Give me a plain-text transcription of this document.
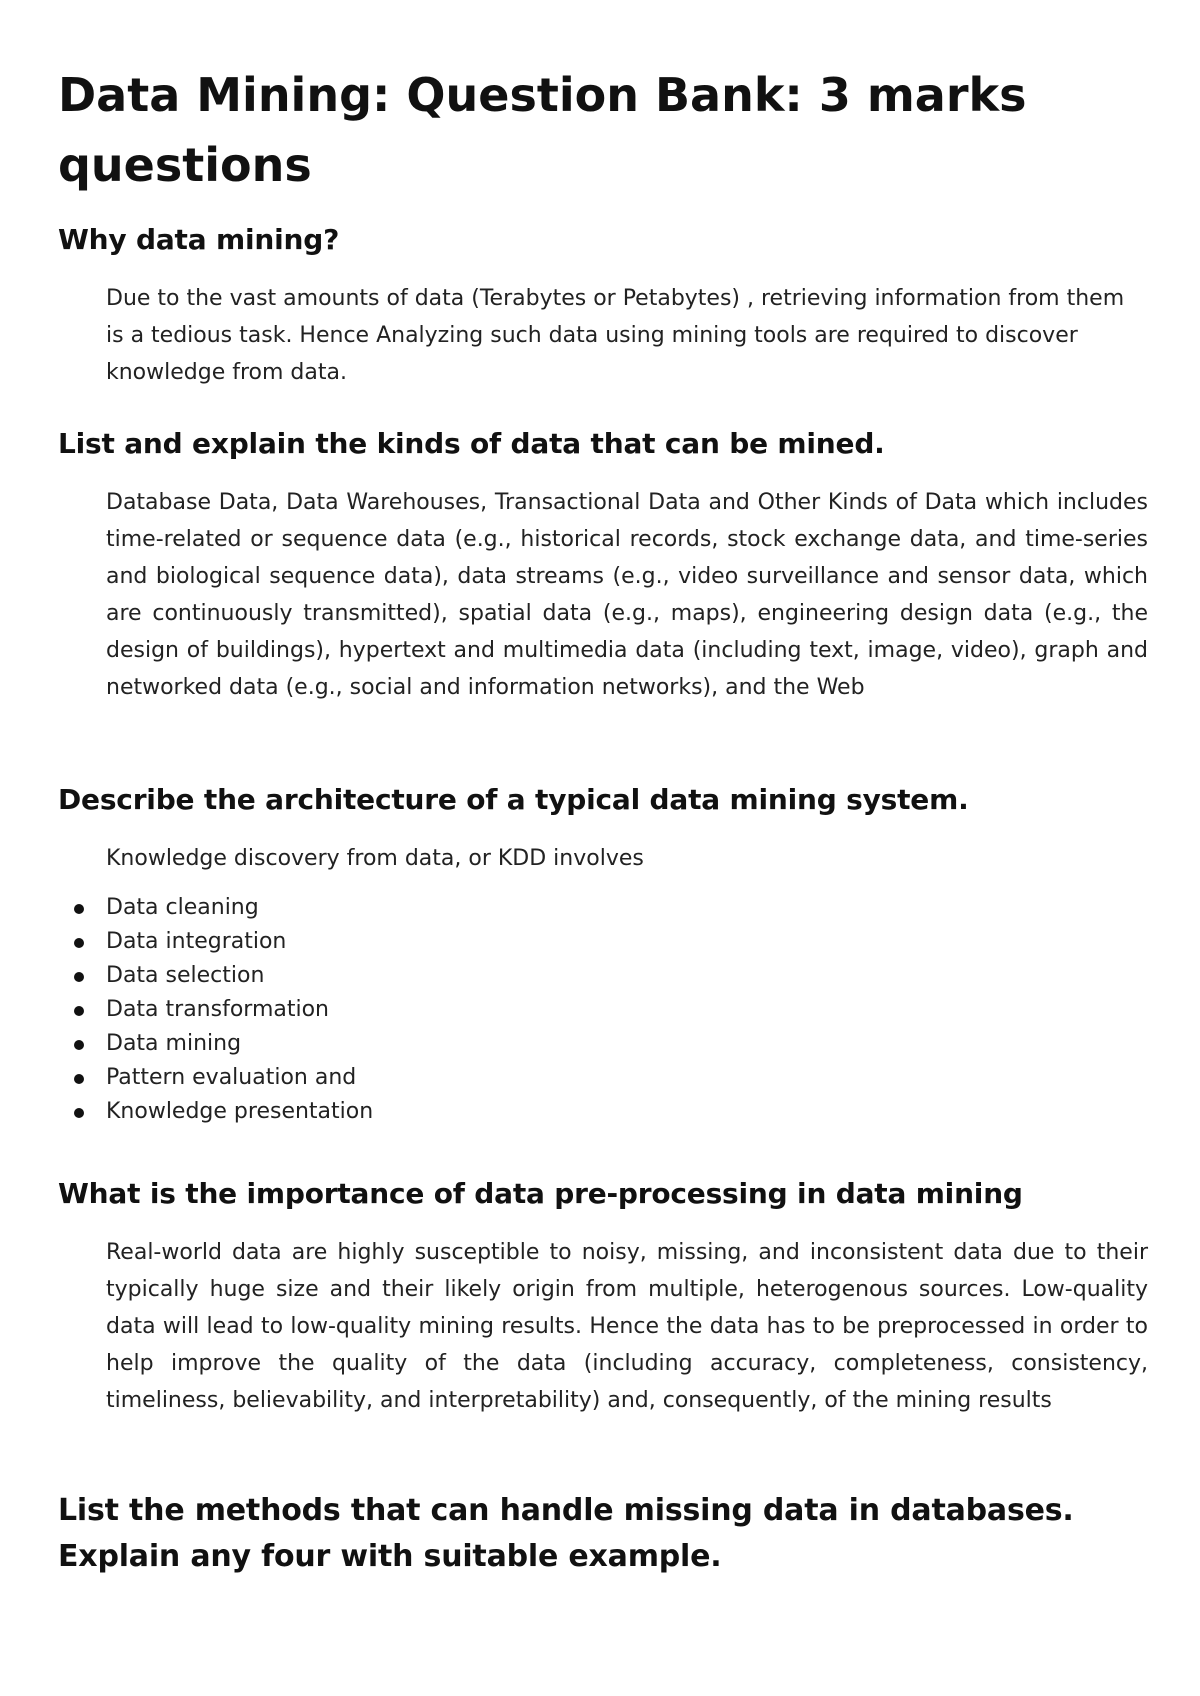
Data Mining: Question Bank: 3 marks questions
Why data mining?

Due to the vast amounts of data (Terabytes or Petabytes) , retrieving information from them is a tedious task. Hence Analyzing such data using mining tools are required to discover knowledge from data.

List and explain the kinds of data that can be mined.

Database Data, Data Warehouses, Transactional Data and Other Kinds of Data which includes time-related or sequence data (e.g., historical records, stock exchange data, and time-series and biological sequence data), data streams (e.g., video surveillance and sensor data, which are continuously transmitted), spatial data (e.g., maps), engineering design data (e.g., the design of buildings), hypertext and multimedia data (including text, image, video), graph and networked data (e.g., social and information networks), and the Web

Describe the architecture of a typical data mining system.

Knowledge discovery from data, or KDD involves

Data cleaning
Data integration
Data selection
Data transformation
Data mining
Pattern evaluation and
Knowledge presentation
What is the importance of data pre-processing in data mining

Real-world data are highly susceptible to noisy, missing, and inconsistent data due to their typically huge size and their likely origin from multiple, heterogenous sources. Low-quality data will lead to low-quality mining results. Hence the data has to be preprocessed in order to help improve the quality of the data (including accuracy, completeness, consistency, timeliness, believability, and interpretability) and, consequently, of the mining results

List the methods that can handle missing data in databases. Explain any four with suitable example.
